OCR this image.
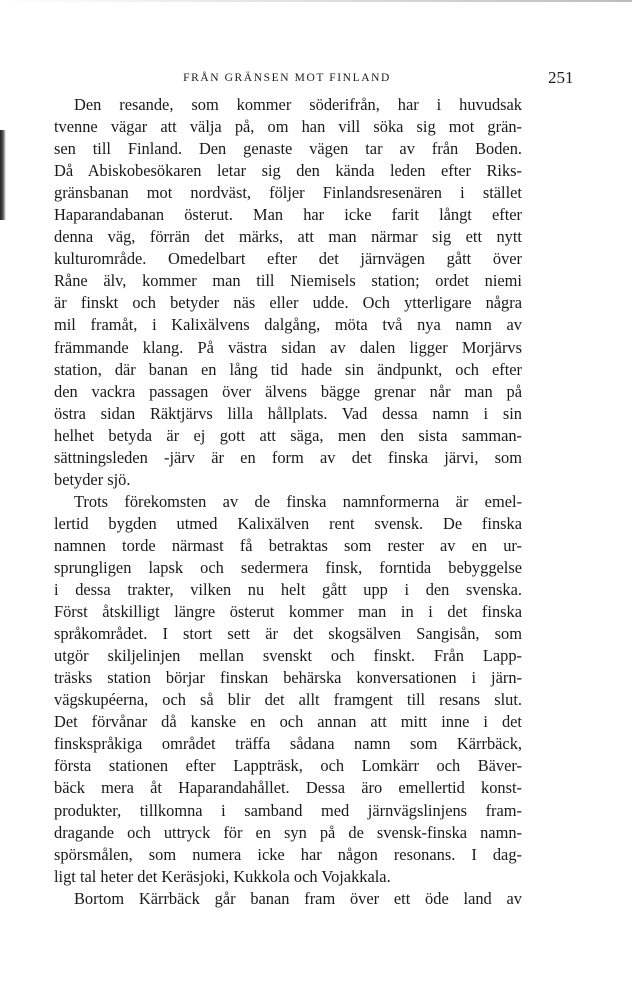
FRÅN GRÄNSEN MOT FINLAND	251
Den resande, som kommer söderifrån, har i huvudsak
tvenne vägar att välja på, om han vill söka sig mot grän-
sen till Finland. Den genaste vägen tar av från Boden.
Då Abiskobesökaren letar sig den kända leden efter Riks-
gränsbanan mot nordväst, följer Finlandsresenären i stället
Haparandabanan österut. Man har icke farit långt efter
denna väg, förrän det märks, att man närmar sig ett nytt
kulturområde. Omedelbart efter det järnvägen gått över
Råne älv, kommer man till Niemisels station; ordet niemi
är finskt och betyder näs eller udde. Och ytterligare några
mil framåt, i Kalixälvens dalgång, möta två nya namn av
främmande klang. På västra sidan av dalen ligger Morjärvs
station, där banan en lång tid hade sin ändpunkt, och efter
den vackra passagen över älvens bägge grenar når man på
östra sidan Räktjärvs lilla hållplats. Vad dessa namn i sin
helhet betyda är ej gott att säga, men den sista samman-
sättningsleden -järv är en form av det finska järvi, som
betyder sjö.
Trots förekomsten av de finska namnformerna är emel-
lertid bygden utmed Kalixälven rent svensk. De finska
namnen torde närmast få betraktas som rester av en ur-
sprungligen lapsk och sedermera finsk, forntida bebyggelse
i dessa trakter, vilken nu helt gått upp i den svenska.
Först åtskilligt längre österut kommer man in i det finska
språkområdet. I stort sett är det skogsälven Sangisån, som
utgör skiljelinjen mellan svenskt och finskt. Från Lapp-
träsks station börjar finskan behärska konversationen i järn-
vägskupéerna, och så blir det allt framgent till resans slut.
Det förvånar då kanske en och annan att mitt inne i det
finskspråkiga området träffa sådana namn som Kärrbäck,
första stationen efter Lappträsk, och Lomkärr och Bäver-
bäck mera åt Haparandahållet. Dessa äro emellertid konst-
produkter, tillkomna i samband med järnvägslinjens fram-
dragande och uttryck för en syn på de svensk-finska namn-
spörsmålen, som numera icke har någon resonans. I dag-
ligt tal heter det Keräsjoki, Kukkola och Vojakkala.
Bortom Kärrbäck går banan fram över ett öde land av
